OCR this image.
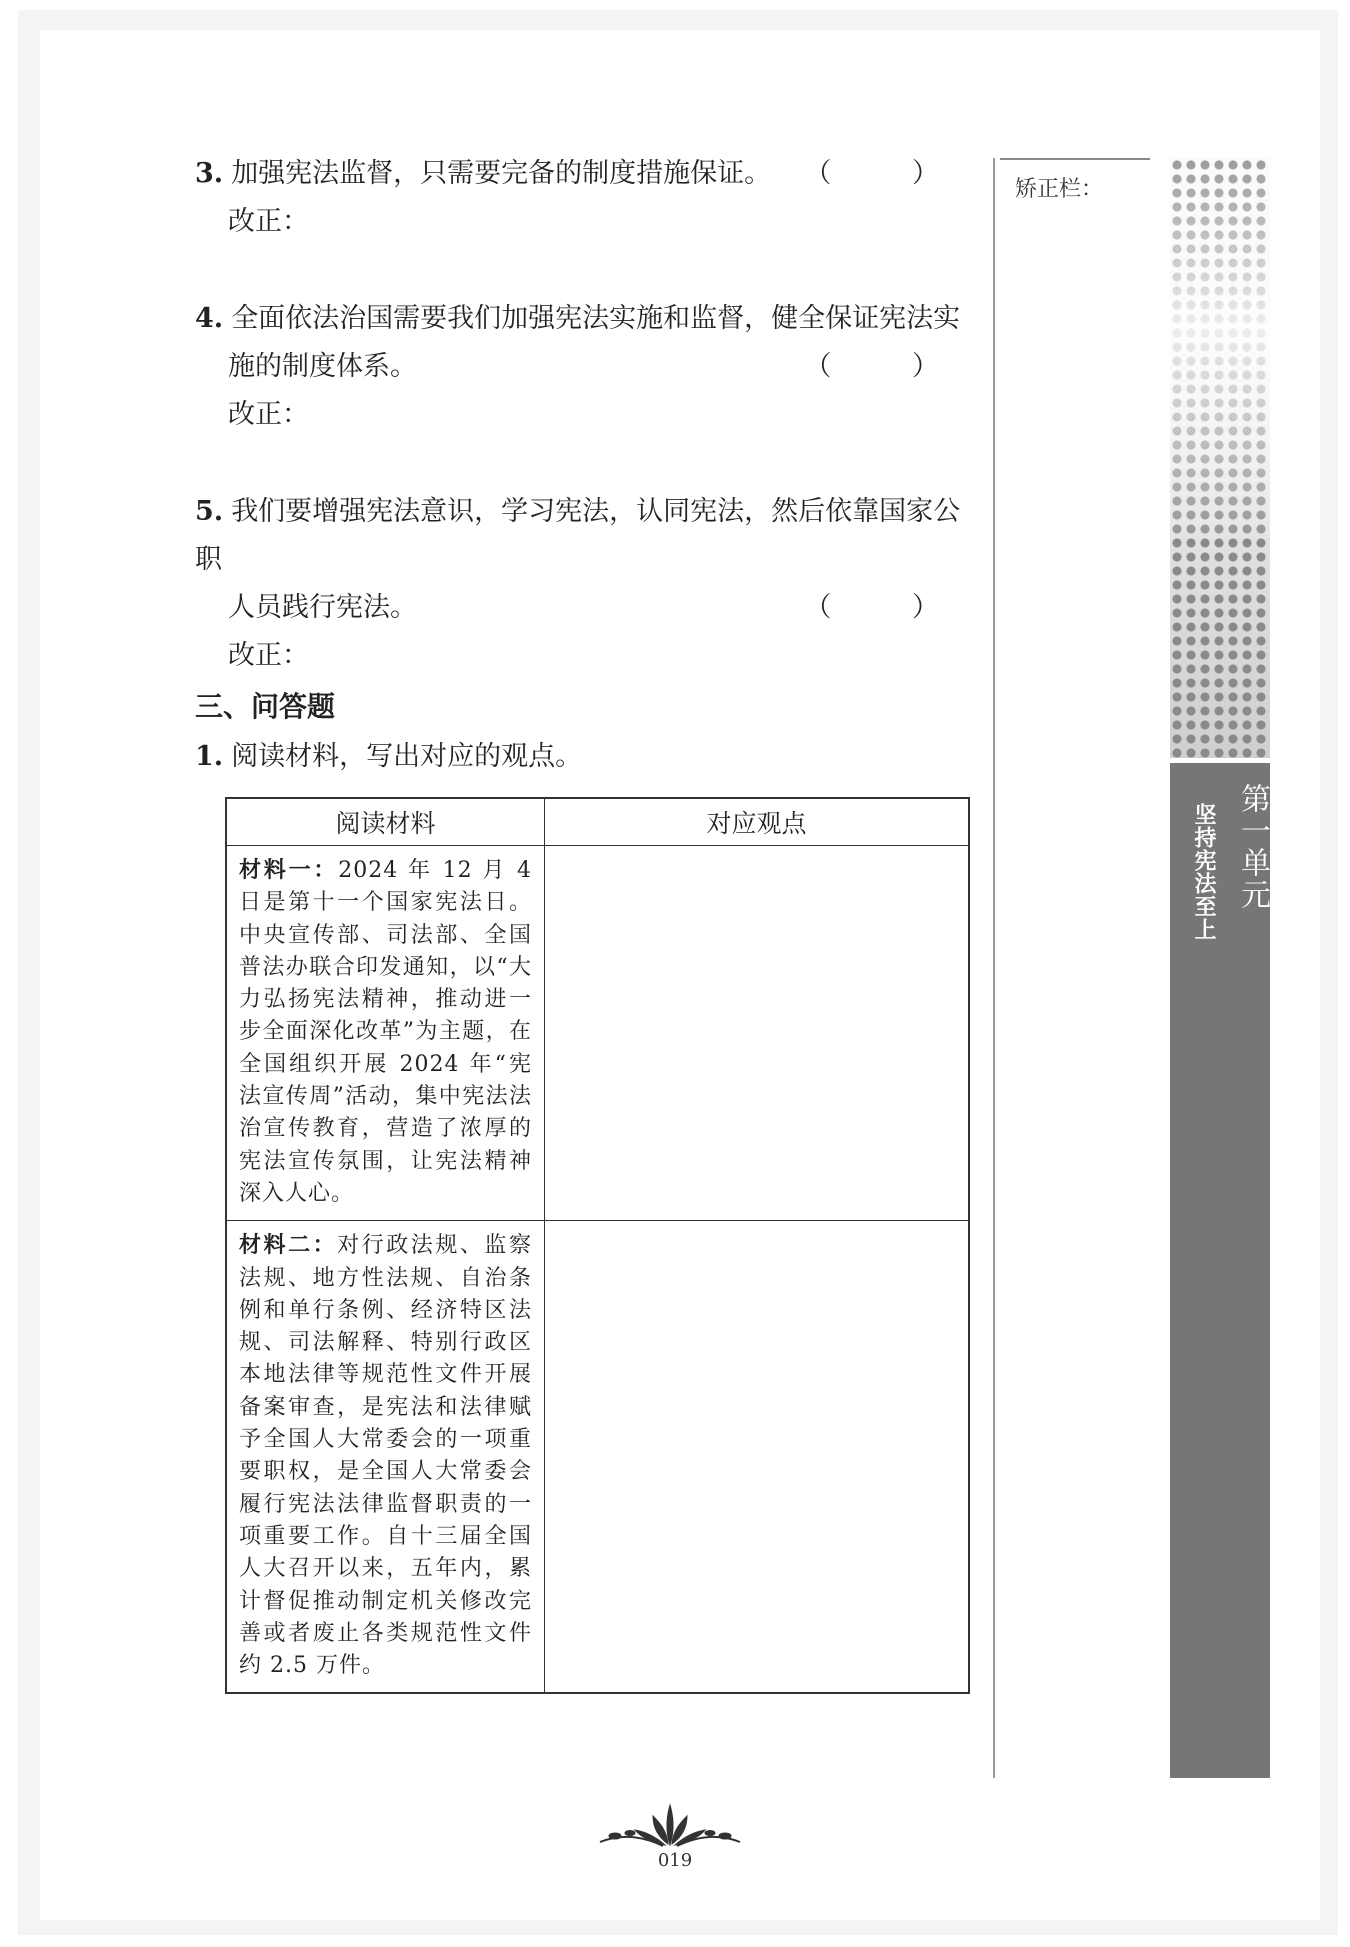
3. 加强宪法监督，只需要完备的制度措施保证。 （ ）
改正：
4. 全面依法治国需要我们加强宪法实施和监督，健全保证宪法实
施的制度体系。	（ ）
改正：
5. 我们要增强宪法意识，学习宪法，认同宪法，然后依靠国家公职
人员践行宪法。	（ ）
改正：
三、问答题
1. 阅读材料，写出对应的观点。
阅读材料	对应观点
材料一：2024 年 12 月 4 日是第十一个国家宪法日。中央宣传部、司法部、全国普法办联合印发通知，以“大力弘扬宪法精神，推动进一步全面深化改革”为主题，在全国组织开展 2024 年“宪法宣传周”活动，集中宪法法治宣传教育，营造了浓厚的宪法宣传氛围，让宪法精神深入人心。	
材料二：对行政法规、监察法规、地方性法规、自治条例和单行条例、经济特区法规、司法解释、特别行政区本地法律等规范性文件开展备案审查，是宪法和法律赋予全国人大常委会的一项重要职权，是全国人大常委会履行宪法法律监督职责的一项重要工作。自十三届全国人大召开以来，五年内，累计督促推动制定机关修改完善或者废止各类规范性文件约 2.5 万件。	
矫正栏：
第一单元
坚持宪法至上
019
